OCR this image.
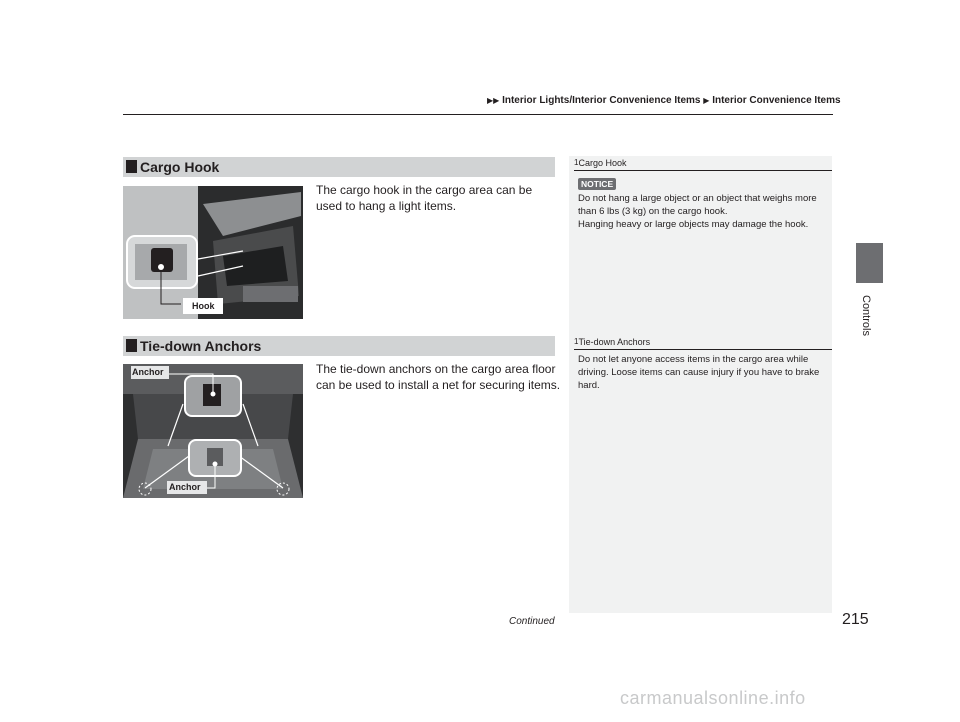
▶▶ Interior Lights/Interior Convenience Items ▶ Interior Convenience Items
Controls
Cargo Hook
The cargo hook in the cargo area can be used to hang a light items.
Hook
1Cargo Hook
NOTICE
Do not hang a large object or an object that weighs more than 6 lbs (3 kg) on the cargo hook.
Hanging heavy or large objects may damage the hook.
Tie-down Anchors
The tie-down anchors on the cargo area floor can be used to install a net for securing items.
Anchor
Anchor
1Tie-down Anchors
Do not let anyone access items in the cargo area while driving. Loose items can cause injury if you have to brake hard.
Continued	215
carmanualsonline.info
